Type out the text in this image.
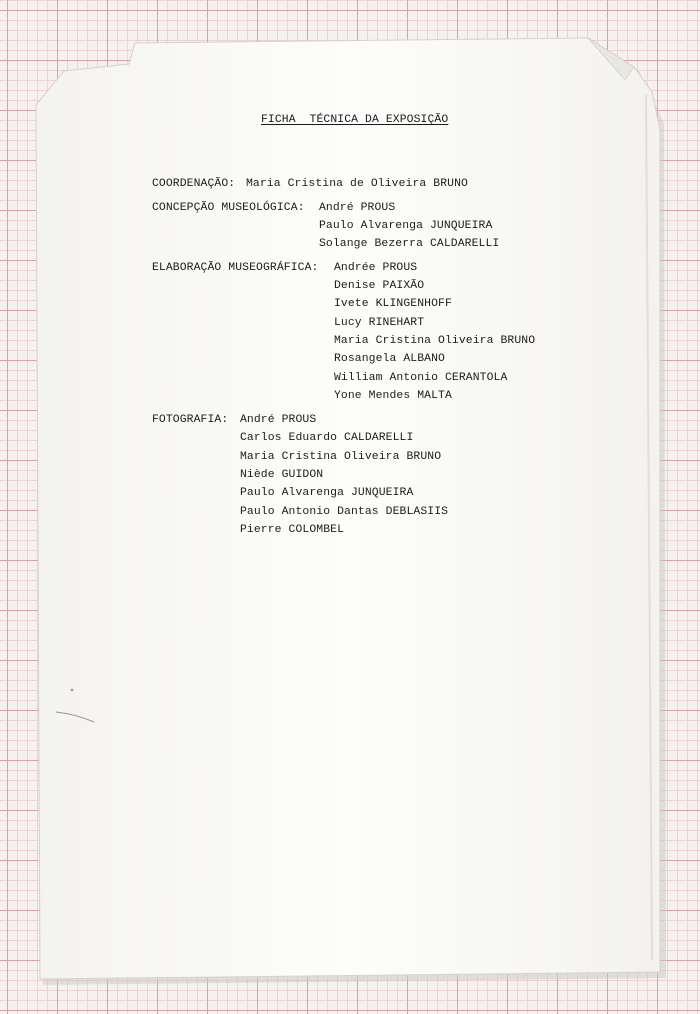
FICHA  TÉCNICA DA EXPOSIÇÃO
COORDENAÇÃO: Maria Cristina de Oliveira BRUNO
CONCEPÇÃO MUSEOLÓGICA: André PROUS
Paulo Alvarenga JUNQUEIRA
Solange Bezerra CALDARELLI
ELABORAÇÃO MUSEOGRÁFICA: Andrée PROUS
Denise PAIXÃO
Ivete KLINGENHOFF
Lucy RINEHART
Maria Cristina Oliveira BRUNO
Rosangela ALBANO
William Antonio CERANTOLA
Yone Mendes MALTA
FOTOGRAFIA: André PROUS
Carlos Eduardo CALDARELLI
Maria Cristina Oliveira BRUNO
Niède GUIDON
Paulo Alvarenga JUNQUEIRA
Paulo Antonio Dantas DEBLASIIS
Pierre COLOMBEL
